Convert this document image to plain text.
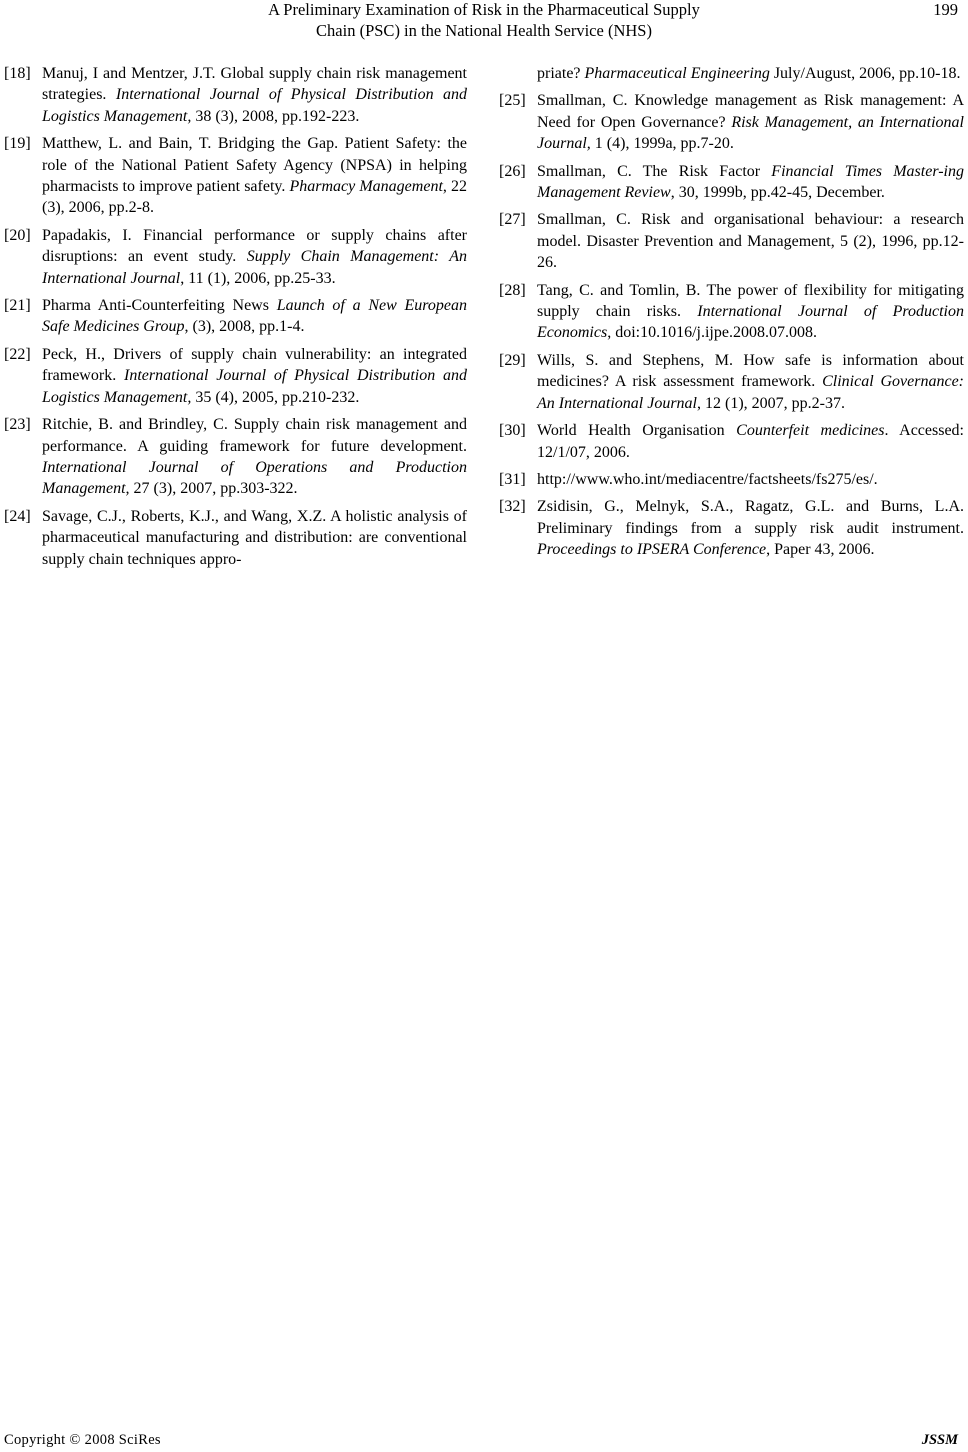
A Preliminary Examination of Risk in the Pharmaceutical Supply
Chain (PSC) in the National Health Service (NHS)
199
[18] Manuj, I and Mentzer, J.T. Global supply chain risk management strategies. International Journal of Physical Distribution and Logistics Management, 38 (3), 2008, pp.192-223.
[19] Matthew, L. and Bain, T. Bridging the Gap. Patient Safety: the role of the National Patient Safety Agency (NPSA) in helping pharmacists to improve patient safety. Pharmacy Management, 22 (3), 2006, pp.2-8.
[20] Papadakis, I. Financial performance or supply chains after disruptions: an event study. Supply Chain Management: An International Journal, 11 (1), 2006, pp.25-33.
[21] Pharma Anti-Counterfeiting News Launch of a New European Safe Medicines Group, (3), 2008, pp.1-4.
[22] Peck, H., Drivers of supply chain vulnerability: an integrated framework. International Journal of Physical Distribution and Logistics Management, 35 (4), 2005, pp.210-232.
[23] Ritchie, B. and Brindley, C. Supply chain risk management and performance. A guiding framework for future development. International Journal of Operations and Production Management, 27 (3), 2007, pp.303-322.
[24] Savage, C.J., Roberts, K.J., and Wang, X.Z. A holistic analysis of pharmaceutical manufacturing and distribution: are conventional supply chain techniques appro-
priate? Pharmaceutical Engineering July/August, 2006, pp.10-18.
[25] Smallman, C. Knowledge management as Risk management: A Need for Open Governance? Risk Management, an International Journal, 1 (4), 1999a, pp.7-20.
[26] Smallman, C. The Risk Factor Financial Times Master-ing Management Review, 30, 1999b, pp.42-45, December.
[27] Smallman, C. Risk and organisational behaviour: a research model. Disaster Prevention and Management, 5 (2), 1996, pp.12-26.
[28] Tang, C. and Tomlin, B. The power of flexibility for mitigating supply chain risks. International Journal of Production Economics, doi:10.1016/j.ijpe.2008.07.008.
[29] Wills, S. and Stephens, M. How safe is information about medicines? A risk assessment framework. Clinical Governance: An International Journal, 12 (1), 2007, pp.2-37.
[30] World Health Organisation Counterfeit medicines. Accessed: 12/1/07, 2006.
[31] http://www.who.int/mediacentre/factsheets/fs275/es/.
[32] Zsidisin, G., Melnyk, S.A., Ragatz, G.L. and Burns, L.A. Preliminary findings from a supply risk audit instrument. Proceedings to IPSERA Conference, Paper 43, 2006.
Copyright © 2008 SciRes	JSSM
